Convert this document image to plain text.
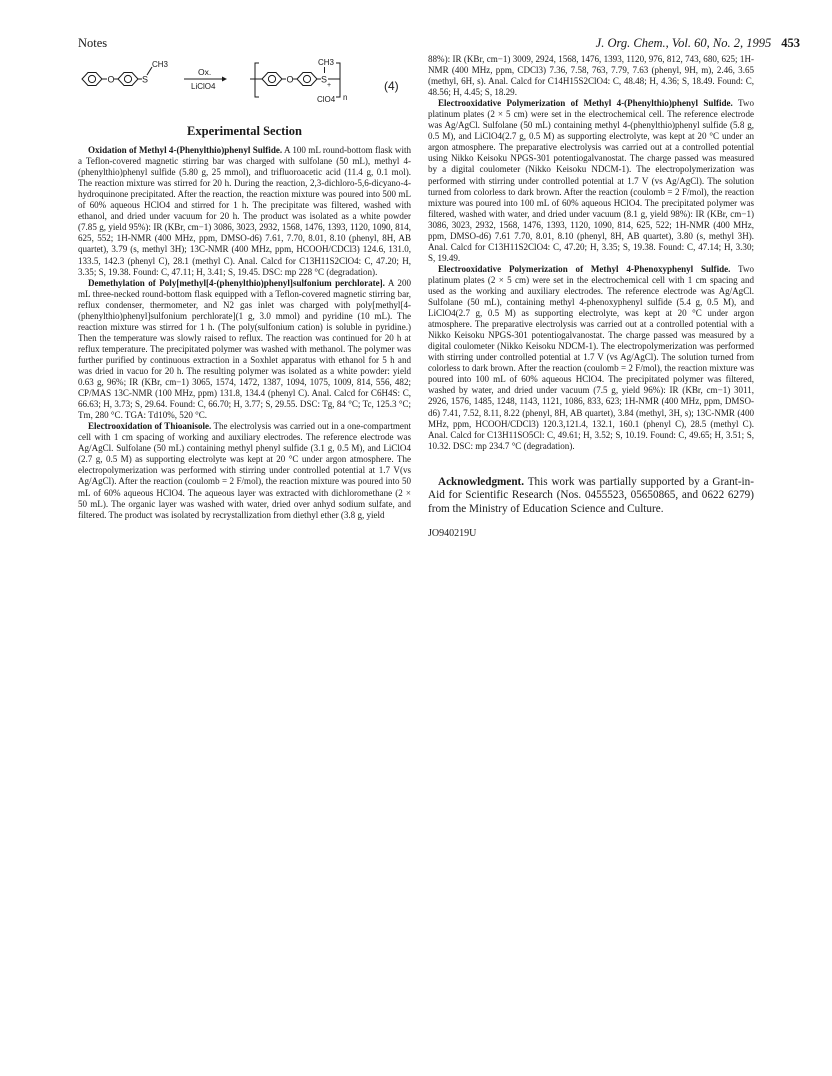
Notes	J. Org. Chem., Vol. 60, No. 2, 1995 453
O	S
CH3
Ox.
LiClO4
O	S
+
CH3
n
ClO4
(4)
Experimental Section

Oxidation of Methyl 4-(Phenylthio)phenyl Sulfide. A 100 mL round-bottom flask with a Teflon-covered magnetic stirring bar was charged with sulfolane (50 mL), methyl 4-(phenylthio)phenyl sulfide (5.80 g, 25 mmol), and trifluoroacetic acid (11.4 g, 0.1 mol). The reaction mixture was stirred for 20 h. During the reaction, 2,3-dichloro-5,6-dicyano-4-hydroquinone precipitated. After the reaction, the reaction mixture was poured into 500 mL of 60% aqueous HClO4 and stirred for 1 h. The precipitate was filtered, washed with ethanol, and dried under vacuum for 20 h. The product was isolated as a white powder (7.85 g, yield 95%): IR (KBr, cm−1) 3086, 3023, 2932, 1568, 1476, 1393, 1120, 1090, 814, 625, 552; 1H-NMR (400 MHz, ppm, DMSO-d6) 7.61, 7.70, 8.01, 8.10 (phenyl, 8H, AB quartet), 3.79 (s, methyl 3H); 13C-NMR (400 MHz, ppm, HCOOH/CDCl3) 124.6, 131.0, 133.5, 142.3 (phenyl C), 28.1 (methyl C). Anal. Calcd for C13H11S2ClO4: C, 47.20; H, 3.35; S, 19.38. Found: C, 47.11; H, 3.41; S, 19.45. DSC: mp 228 °C (degradation).

Demethylation of Poly[methyl[4-(phenylthio)phenyl]sulfonium perchlorate]. A 200 mL three-necked round-bottom flask equipped with a Teflon-covered magnetic stirring bar, reflux condenser, thermometer, and N2 gas inlet was charged with poly[methyl[4-(phenylthio)phenyl]sulfonium perchlorate](1 g, 3.0 mmol) and pyridine (10 mL). The reaction mixture was stirred for 1 h. (The poly(sulfonium cation) is soluble in pyridine.) Then the temperature was slowly raised to reflux. The reaction was continued for 20 h at reflux temperature. The precipitated polymer was washed with methanol. The polymer was further purified by continuous extraction in a Soxhlet apparatus with ethanol for 5 h and was dried in vacuo for 20 h. The resulting polymer was isolated as a white powder: yield 0.63 g, 96%; IR (KBr, cm−1) 3065, 1574, 1472, 1387, 1094, 1075, 1009, 814, 556, 482; CP/MAS 13C-NMR (100 MHz, ppm) 131.8, 134.4 (phenyl C). Anal. Calcd for C6H4S: C, 66.63; H, 3.73; S, 29.64. Found: C, 66.70; H, 3.77; S, 29.55. DSC: Tg, 84 °C; Tc, 125.3 °C; Tm, 280 °C. TGA: Td10%, 520 °C.

Electrooxidation of Thioanisole. The electrolysis was carried out in a one-compartment cell with 1 cm spacing of working and auxiliary electrodes. The reference electrode was Ag/AgCl. Sulfolane (50 mL) containing methyl phenyl sulfide (3.1 g, 0.5 M), and LiClO4 (2.7 g, 0.5 M) as supporting electrolyte was kept at 20 °C under argon atmosphere. The electropolymerization was performed with stirring under controlled potential at 1.7 V(vs Ag/AgCl). After the reaction (coulomb = 2 F/mol), the reaction mixture was poured into 50 mL of 60% aqueous HClO4. The aqueous layer was extracted with dichloromethane (2 × 50 mL). The organic layer was washed with water, dried over anhyd sodium sulfate, and filtered. The product was isolated by recrystallization from diethyl ether (3.8 g, yield

88%): IR (KBr, cm−1) 3009, 2924, 1568, 1476, 1393, 1120, 976, 812, 743, 680, 625; 1H-NMR (400 MHz, ppm, CDCl3) 7.36, 7.58, 763, 7.79, 7.63 (phenyl, 9H, m), 2.46, 3.65 (methyl, 6H, s). Anal. Calcd for C14H15S2ClO4: C, 48.48; H, 4.36; S, 18.49. Found: C, 48.56; H, 4.45; S, 18.29.

Electrooxidative Polymerization of Methyl 4-(Phenylthio)phenyl Sulfide. Two platinum plates (2 × 5 cm) were set in the electrochemical cell. The reference electrode was Ag/AgCl. Sulfolane (50 mL) containing methyl 4-(phenylthio)phenyl sulfide (5.8 g, 0.5 M), and LiClO4(2.7 g, 0.5 M) as supporting electrolyte, was kept at 20 °C under an argon atmosphere. The preparative electrolysis was carried out at a controlled potential using Nikko Keisoku NPGS-301 potentiogalvanostat. The charge passed was measured by a digital coulometer (Nikko Keisoku NDCM-1). The electropolymerization was performed with stirring under controlled potential at 1.7 V (vs Ag/AgCl). The solution turned from colorless to dark brown. After the reaction (coulomb = 2 F/mol), the reaction mixture was poured into 100 mL of 60% aqueous HClO4. The precipitated polymer was filtered, washed with water, and dried under vacuum (8.1 g, yield 98%): IR (KBr, cm−1) 3086, 3023, 2932, 1568, 1476, 1393, 1120, 1090, 814, 625, 522; 1H-NMR (400 MHz, ppm, DMSO-d6) 7.61 7.70, 8.01, 8.10 (phenyl, 8H, AB quartet), 3.80 (s, methyl 3H). Anal. Calcd for C13H11S2ClO4: C, 47.20; H, 3.35; S, 19.38. Found: C, 47.14; H, 3.30; S, 19.49.

Electrooxidative Polymerization of Methyl 4-Phenoxyphenyl Sulfide. Two platinum plates (2 × 5 cm) were set in the electrochemical cell with 1 cm spacing and used as the working and auxiliary electrodes. The reference electrode was Ag/AgCl. Sulfolane (50 mL), containing methyl 4-phenoxyphenyl sulfide (5.4 g, 0.5 M), and LiClO4(2.7 g, 0.5 M) as supporting electrolyte, was kept at 20 °C under argon atmosphere. The preparative electrolysis was carried out at a controlled potential with a Nikko Keisoku NPGS-301 potentiogalvanostat. The charge passed was measured by a digital coulometer (Nikko Keisoku NDCM-1). The electropolymerization was performed with stirring under controlled potential at 1.7 V (vs Ag/AgCl). The solution turned from colorless to dark brown. After the reaction (coulomb = 2 F/mol), the reaction mixture was poured into 100 mL of 60% aqueous HClO4. The precipitated polymer was filtered, washed by water, and dried under vacuum (7.5 g, yield 96%): IR (KBr, cm−1) 3011, 2926, 1576, 1485, 1248, 1143, 1121, 1086, 833, 623; 1H-NMR (400 MHz, ppm, DMSO-d6) 7.41, 7.52, 8.11, 8.22 (phenyl, 8H, AB quartet), 3.84 (methyl, 3H, s); 13C-NMR (400 MHz, ppm, HCOOH/CDCl3) 120.3,121.4, 132.1, 160.1 (phenyl C), 28.5 (methyl C). Anal. Calcd for C13H11SO5Cl: C, 49.61; H, 3.52; S, 10.19. Found: C, 49.65; H, 3.51; S, 10.32. DSC: mp 234.7 °C (degradation).

Acknowledgment. This work was partially supported by a Grant-in-Aid for Scientific Research (Nos. 0455523, 05650865, and 0622 6279) from the Ministry of Education Science and Culture.

JO940219U
